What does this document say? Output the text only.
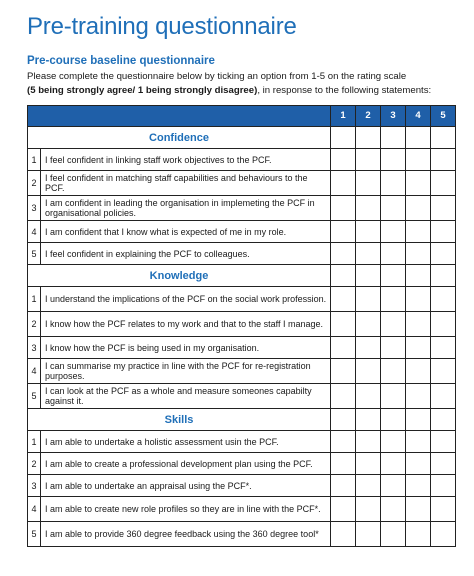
Pre-training questionnaire
Pre-course baseline questionnaire
Please complete the questionnaire below by ticking an option from 1-5 on the rating scale
(5 being strongly agree/ 1 being strongly disagree), in response to the following statements:
		1	2	3	4	5
Confidence						
1	I feel confident in linking staff work objectives to the PCF.					
2	I feel confident in matching staff capabilities and behaviours to the PCF.					
3	I am confident in leading the organisation in implemeting the PCF in organisational policies.					
4	I am confident that I know what is expected of me in my role.					
5	I feel confident in explaining the PCF to colleagues.					
Knowledge						
1	I understand the implications of the PCF on the social work profession.					
2	I know how the PCF relates to my work and that to the staff I manage.					
3	I know how the PCF is being used in my organisation.					
4	I can summarise my practice in line with the PCF for re-registration purposes.					
5	I can look at the PCF as a whole and measure someones capabilty against it.					
Skills						
1	I am able to undertake a holistic assessment usin the PCF.					
2	I am able to create a professional development plan using the PCF.					
3	I am able to undertake an appraisal using the PCF*.					
4	I am able to create new role profiles so they are in line with the PCF*.					
5	I am able to provide 360 degree feedback using the 360 degree tool*					
